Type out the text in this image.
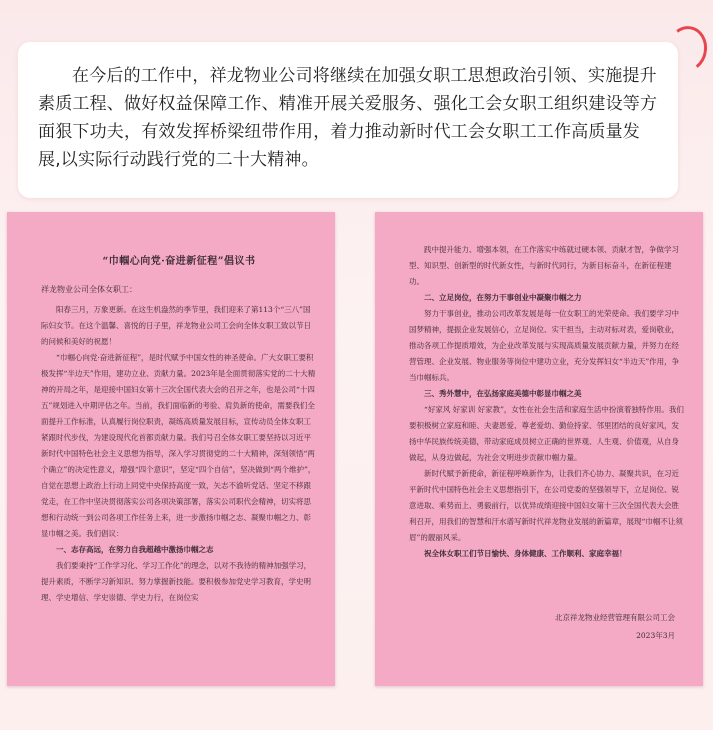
在今后的工作中，祥龙物业公司将继续在加强女职工思想政治引领、实施提升素质工程、做好权益保障工作、精准开展关爱服务、强化工会女职工组织建设等方面狠下功夫，有效发挥桥梁纽带作用，着力推动新时代工会女职工工作高质量发展,以实际行动践行党的二十大精神。

“巾帼心向党·奋进新征程”倡议书

祥龙物业公司全体女职工：

阳春三月，万象更新。在这生机盎然的季节里，我们迎来了第113个“三八”国际妇女节。在这个温馨、喜悦的日子里，祥龙物业公司工会向全体女职工致以节日的问候和美好的祝愿！

“巾帼心向党·奋进新征程”，是时代赋予中国女性的神圣使命。广大女职工要积极发挥“半边天”作用，建功立业、贡献力量。2023年是全面贯彻落实党的二十大精神的开局之年，是迎接中国妇女第十三次全国代表大会的召开之年，也是公司“十四五”规划进入中期评估之年。当前，我们面临新的考验、肩负新的使命，需要我们全面提升工作标准，认真履行岗位职责，凝练高质量发展目标，宣传动员全体女职工紧跟时代步伐，为建设现代化首都贡献力量。我们号召全体女职工要坚持以习近平新时代中国特色社会主义思想为指导，深入学习贯彻党的二十大精神，深刻领悟“两个确立”的决定性意义，增强“四个意识”，坚定“四个自信”，坚决做到“两个维护”，自觉在思想上政治上行动上同党中央保持高度一致，矢志不渝听党话、坚定不移跟党走，在工作中坚决贯彻落实公司各项决策部署，落实公司职代会精神，切实将思想和行动统一到公司各项工作任务上来，进一步激扬巾帼之志、凝聚巾帼之力、彰显巾帼之美。我们倡议：

一、志存高远，在努力自我超越中激扬巾帼之志

我们要秉持“工作学习化、学习工作化”的理念，以对不我待的精神加强学习，提升素质，不断学习新知识、努力掌握新技能。要积极参加党史学习教育，学史明理、学史增信、学史崇德、学史力行，在岗位实

践中提升能力、增强本领，在工作落实中练就过硬本领、贡献才智，争做学习型、知识型、创新型的时代新女性，与新时代同行，为新目标奋斗，在新征程建功。

二、立足岗位，在努力干事创业中凝聚巾帼之力

努力干事创业，推动公司改革发展是每一位女职工的光荣使命。我们要学习中国梦精神，提振企业发展信心，立足岗位、实干担当，主动对标对表，爱岗敬业，推动各项工作提质增效，为企业改革发展与实现高质量发展贡献力量，并努力在经营管理、企业发展、物业服务等岗位中建功立业，充分发挥妇女“半边天”作用，争当巾帼标兵。

三、秀外慧中，在弘扬家庭美德中彰显巾帼之美

“好家风 好家训 好家教”，女性在社会生活和家庭生活中扮演着独特作用。我们要积极树立家庭和睦、夫妻恩爱、尊老爱幼、勤俭持家、邻里团结的良好家风，发扬中华民族传统美德，带动家庭成员树立正确的世界观、人生观、价值观，从自身做起，从身边做起，为社会文明进步贡献巾帼力量。

新时代赋予新使命，新征程呼唤新作为，让我们齐心协力、凝聚共识，在习近平新时代中国特色社会主义思想指引下，在公司党委的坚强领导下，立足岗位、锐意进取、乘势而上、勇毅前行，以优异成绩迎接中国妇女第十三次全国代表大会胜利召开，用我们的智慧和汗水谱写新时代祥龙物业发展的新篇章，展现“巾帼不让须眉”的靓丽风采。

祝全体女职工们节日愉快、身体健康、工作顺利、家庭幸福！

北京祥龙物业经营管理有限公司工会
2023年3月
